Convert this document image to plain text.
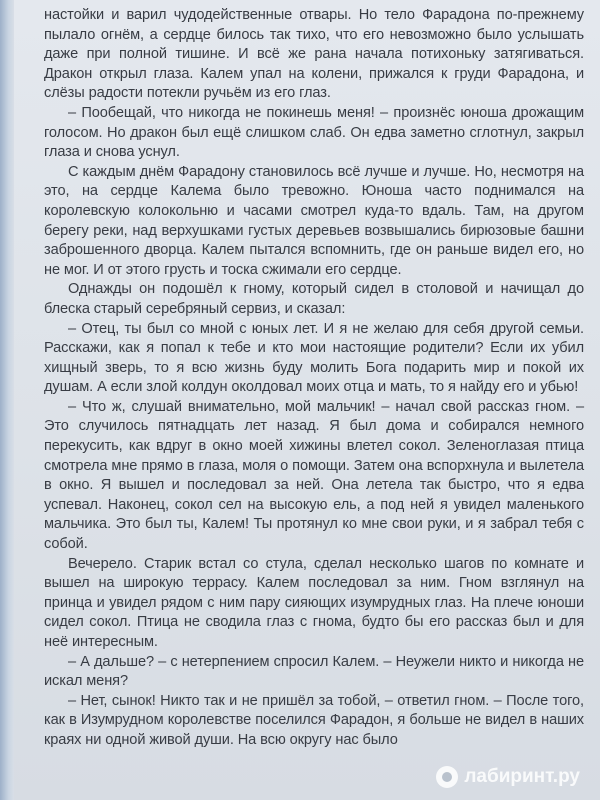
настойки и варил чудодейственные отвары. Но тело Фарадона по-прежнему пылало огнём, а сердце билось так тихо, что его невозможно было услышать даже при полной тишине. И всё же рана начала потихоньку затягиваться. Дракон открыл глаза. Калем упал на колени, прижался к груди Фарадона, и слёзы радости потекли ручьём из его глаз.

– Пообещай, что никогда не покинешь меня! – произнёс юноша дрожащим голосом. Но дракон был ещё слишком слаб. Он едва заметно сглотнул, закрыл глаза и снова уснул.

С каждым днём Фарадону становилось всё лучше и лучше. Но, несмотря на это, на сердце Калема было тревожно. Юноша часто поднимался на королевскую колокольню и часами смотрел куда-то вдаль. Там, на другом берегу реки, над верхушками густых деревьев возвышались бирюзовые башни заброшенного дворца. Калем пытался вспомнить, где он раньше видел его, но не мог. И от этого грусть и тоска сжимали его сердце.

Однажды он подошёл к гному, который сидел в столовой и начищал до блеска старый серебряный сервиз, и сказал:

– Отец, ты был со мной с юных лет. И я не желаю для себя другой семьи. Расскажи, как я попал к тебе и кто мои настоящие родители? Если их убил хищный зверь, то я всю жизнь буду молить Бога подарить мир и покой их душам. А если злой колдун околдовал моих отца и мать, то я найду его и убью!

– Что ж, слушай внимательно, мой мальчик! – начал свой рассказ гном. – Это случилось пятнадцать лет назад. Я был дома и собирался немного перекусить, как вдруг в окно моей хижины влетел сокол. Зеленоглазая птица смотрела мне прямо в глаза, моля о помощи. Затем она вспорхнула и вылетела в окно. Я вышел и последовал за ней. Она летела так быстро, что я едва успевал. Наконец, сокол сел на высокую ель, а под ней я увидел маленького мальчика. Это был ты, Калем! Ты протянул ко мне свои руки, и я забрал тебя с собой.

Вечерело. Старик встал со стула, сделал несколько шагов по комнате и вышел на широкую террасу. Калем последовал за ним. Гном взглянул на принца и увидел рядом с ним пару сияющих изумрудных глаз. На плече юноши сидел сокол. Птица не сводила глаз с гнома, будто бы его рассказ был и для неё интересным.

– А дальше? – с нетерпением спросил Калем. – Неужели никто и никогда не искал меня?

– Нет, сынок! Никто так и не пришёл за тобой, – ответил гном. – После того, как в Изумрудном королевстве поселился Фарадон, я больше не видел в наших краях ни одной живой души. На всю округу нас было

лабиринт.ру
